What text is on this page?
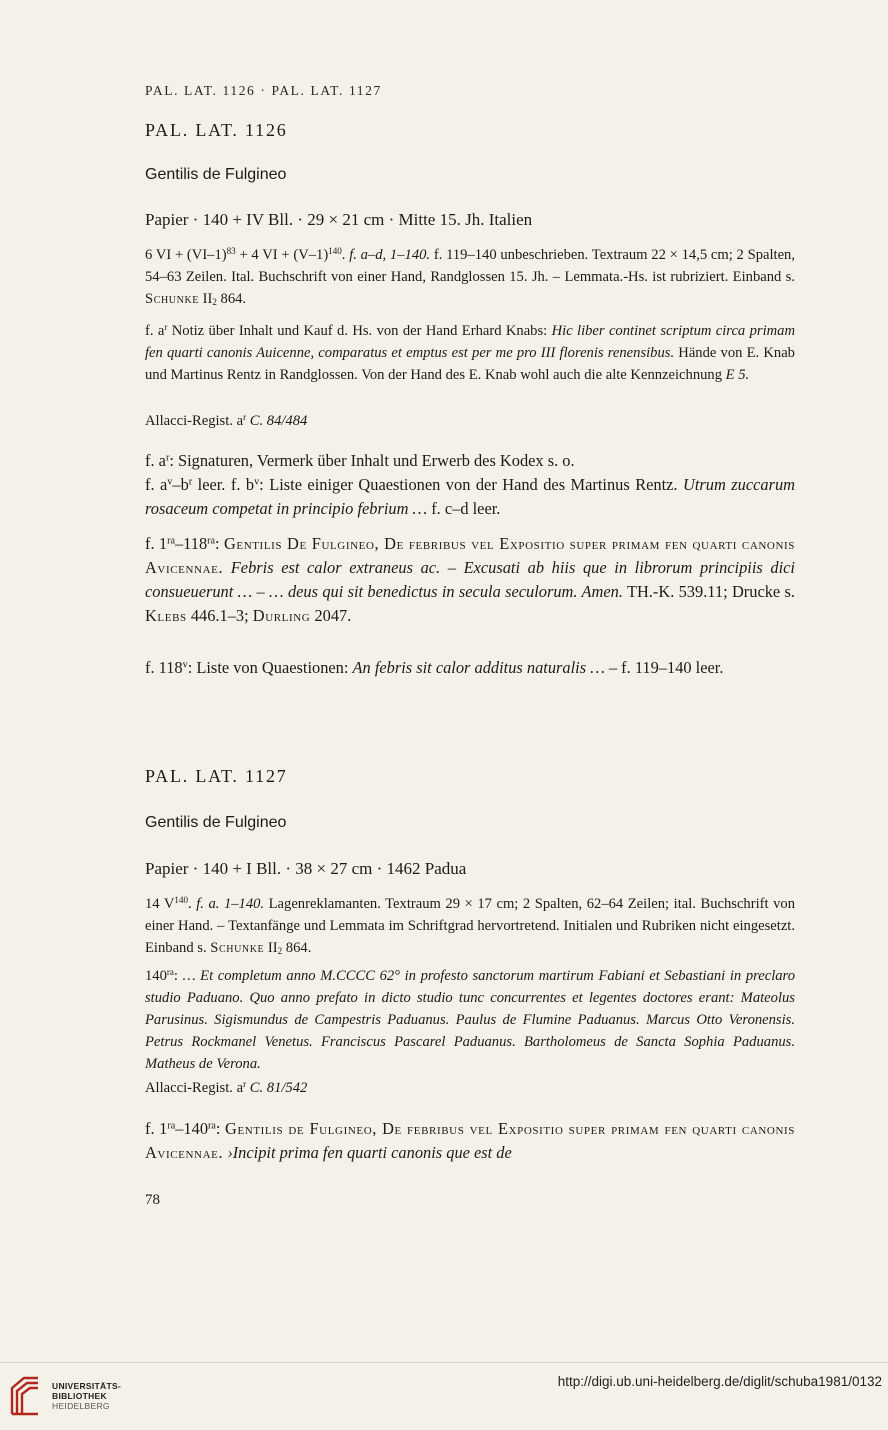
PAL. LAT. 1126 · PAL. LAT. 1127
PAL. LAT. 1126
Gentilis de Fulgineo
Papier · 140 + IV Bll. · 29 × 21 cm · Mitte 15. Jh. Italien
6 VI + $(VI-1)^{83} + 4$ VI + $(V-1)^{140}$. f. a–d, 1–140. f. 119–140 unbeschrieben. Textraum 22 × 14,5 cm; 2 Spalten, 54–63 Zeilen. Ital. Buchschrift von einer Hand, Randglossen 15. Jh. – Lemmata.-Hs. ist rubriziert. Einband s. Schunke $II_2$ 864.
f. $a^r$ Notiz über Inhalt und Kauf d. Hs. von der Hand Erhard Knabs: Hic liber continet scriptum circa primam fen quarti canonis Auicenne, comparatus et emptus est per me pro III florenis renensibus. Hände von E. Knab und Martinus Rentz in Randglossen. Von der Hand des E. Knab wohl auch die alte Kennzeichnung E 5.
Allacci-Regist. $a^r$ C. 84/484
f. $a^r$: Signaturen, Vermerk über Inhalt und Erwerb des Kodex s. o.
f. $a^v-b^r$ leer. f. $b^v$: Liste einiger Quaestionen von der Hand des Martinus Rentz. Utrum zuccarum rosaceum competat in principio febrium … f. c–d leer.
f. $1^{ra}-118^{ra}$: Gentilis De Fulgineo, De febribus vel Expositio super primam fen quarti canonis Avicennae. Febris est calor extraneus ac. – Excusati ab hiis que in librorum principiis dici consueuerunt … – … deus qui sit benedictus in secula seculorum. Amen. TH.-K. 539.11; Drucke s. Klebs 446.1–3; Durling 2047.
f. 118$^v$: Liste von Quaestionen: An febris sit calor additus naturalis … – f. 119–140 leer.
PAL. LAT. 1127
Gentilis de Fulgineo
Papier · 140 + I Bll. · 38 × 27 cm · 1462 Padua
14 $V^{140}$. f. a. 1–140. Lagenreklamanten. Textraum 29 × 17 cm; 2 Spalten, 62–64 Zeilen; ital. Buchschrift von einer Hand. – Textanfänge und Lemmata im Schriftgrad hervortretend. Initialen und Rubriken nicht eingesetzt. Einband s. Schunke $II_2$ 864.
$140^{ra}$: … Et completum anno M.CCCC 62° in profesto sanctorum martirum Fabiani et Sebastiani in preclaro studio Paduano. Quo anno prefato in dicto studio tunc concurrentes et legentes doctores erant: Mateolus Parusinus. Sigismundus de Campestris Paduanus. Paulus de Flumine Paduanus. Marcus Otto Veronensis. Petrus Rockmanel Venetus. Franciscus Pascarel Paduanus. Bartholomeus de Sancta Sophia Paduanus. Matheus de Verona.
Allacci-Regist. $a^r$ C. 81/542
f. $1^{ra}-140^{ra}$: Gentilis de Fulgineo, De febribus vel Expositio super primam fen quarti canonis Avicennae. ›Incipit prima fen quarti canonis que est de
78
UNIVERSITÄTS-
BIBLIOTHEK
HEIDELBERG
http://digi.ub.uni-heidelberg.de/diglit/schuba1981/0132
